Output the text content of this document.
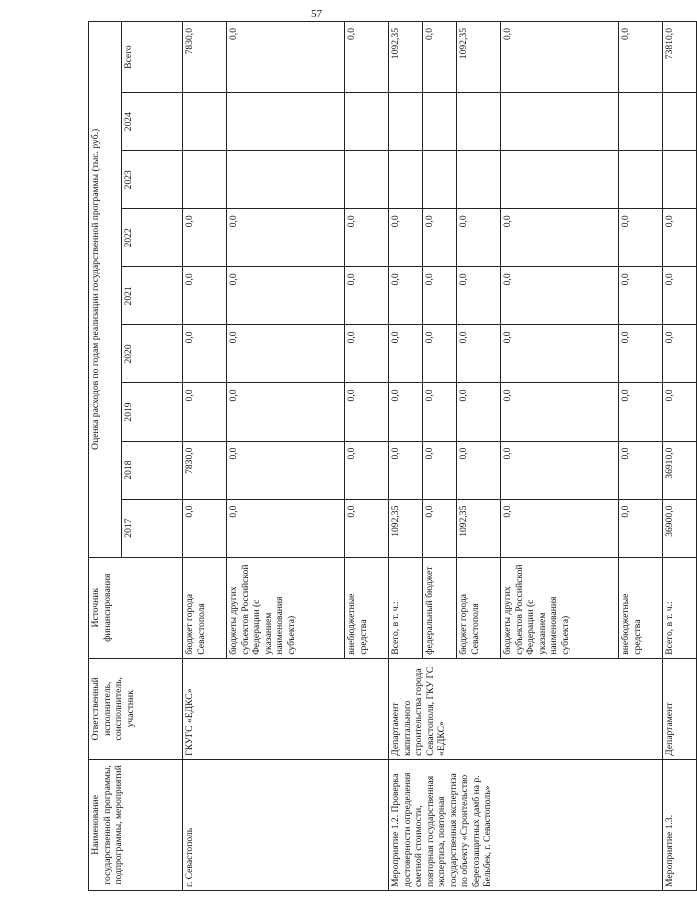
57
Наименование государственной программы, подпрограммы, мероприятий	Ответственный исполнитель, соисполнитель, участник	Источник финансирования	Оценка расходов по годам реализации государственной программы (тыс. руб.)								
			2017	2018	2019	2020	2021	2022	2023	2024	Всего
г. Севастополь	ГКУГС «ЕДКС»	бюджет города Севастополя	0,0	7830,0	0,0	0,0	0,0	0,0			7830,0
		бюджеты других субъектов Российской Федерации (с указанием наименования субъекта)	0,0	0,0	0,0	0,0	0,0	0,0			0,0
		внебюджетные средства	0,0	0,0	0,0	0,0	0,0	0,0			0,0
Мероприятие 1.2. Проверка достоверности определения сметной стоимости, повторная государственная экспертиза, повторная государственная экспертиза по объекту «Строительство берегозащитных дамб на р. Бельбек, г. Севастополь»	Департамент капитального строительства города Севастополя, ГКУ ГС «ЕДКС»	Всего, в т. ч.:	1092,35	0,0	0,0	0,0	0,0	0,0			1092,35
		федеральный бюджет	0,0	0,0	0,0	0,0	0,0	0,0			0,0
		бюджет города Севастополя	1092,35	0,0	0,0	0,0	0,0	0,0			1092,35
		бюджеты других субъектов Российской Федерации (с указанием наименования субъекта)	0,0	0,0	0,0	0,0	0,0	0,0			0,0
		внебюджетные средства	0,0	0,0	0,0	0,0	0,0	0,0			0,0
Мероприятие 1.3.	Департамент	Всего, в т. ч.:	36900,0	36910,0	0,0	0,0	0,0	0,0			73810,0
